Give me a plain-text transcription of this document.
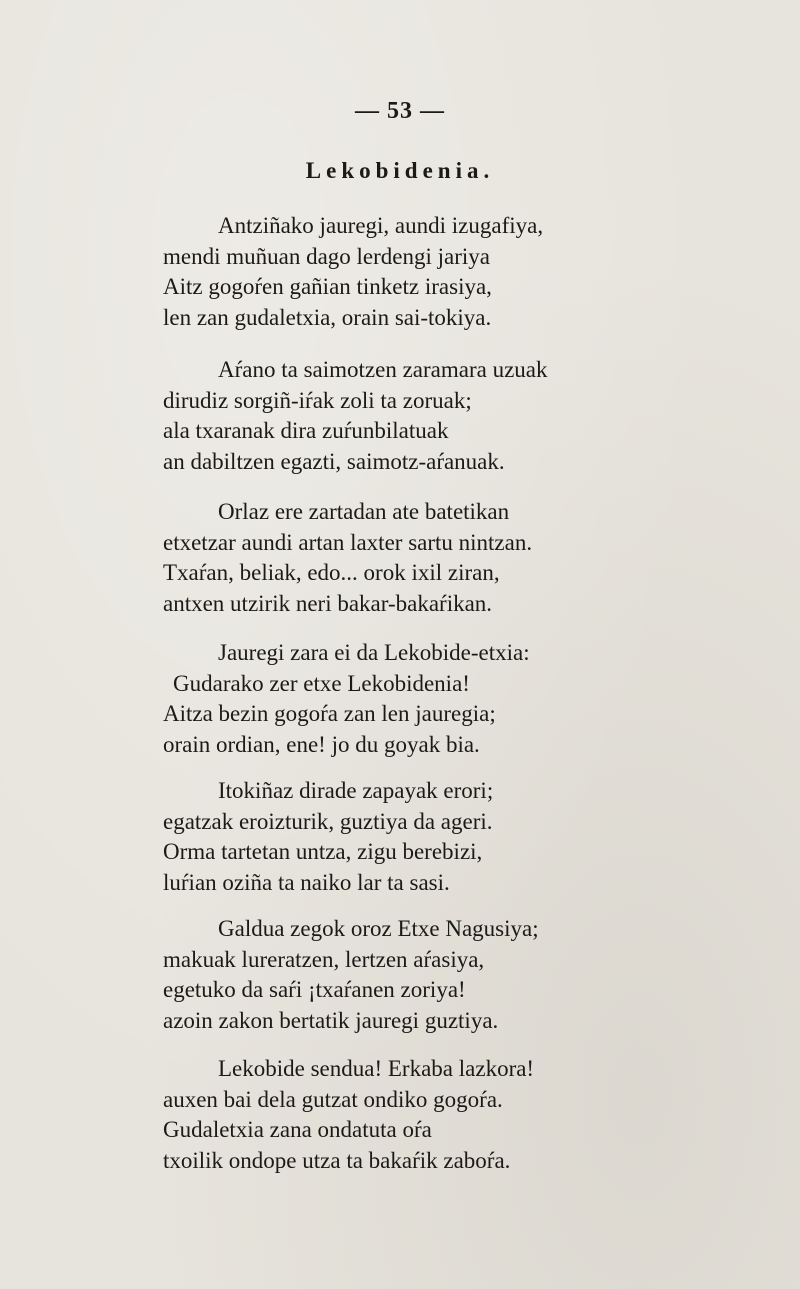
— 53 —
Lekobidenia.
Antziñako jauregi, aundi izugafiya,
mendi muñuan dago lerdengi jariya
Aitz gogoŕen gañian tinketz irasiya,
len zan gudaletxia, orain sai-tokiya.
Aŕano ta saimotzen zaramara uzuak
dirudiz sorgiñ-iŕak zoli ta zoruak;
ala txaranak dira zuŕunbilatuak
an dabiltzen egazti, saimotz-aŕanuak.
Orlaz ere zartadan ate batetikan
etxetzar aundi artan laxter sartu nintzan.
Txaŕan, beliak, edo... orok ixil ziran,
antxen utzirik neri bakar-bakaŕikan.
Jauregi zara ei da Lekobide-etxia:
Gudarako zer etxe Lekobidenia!
Aitza bezin gogoŕa zan len jauregia;
orain ordian, ene! jo du goyak bia.
Itokiñaz dirade zapayak erori;
egatzak eroizturik, guztiya da ageri.
Orma tartetan untza, zigu berebizi,
luŕian oziña ta naiko lar ta sasi.
Galdua zegok oroz Etxe Nagusiya;
makuak lureratzen, lertzen aŕasiya,
egetuko da saŕi ¡txaŕanen zoriya!
azoin zakon bertatik jauregi guztiya.
Lekobide sendua! Erkaba lazkora!
auxen bai dela gutzat ondiko gogoŕa.
Gudaletxia zana ondatuta oŕa
txoilik ondope utza ta bakaŕik zaboŕa.
